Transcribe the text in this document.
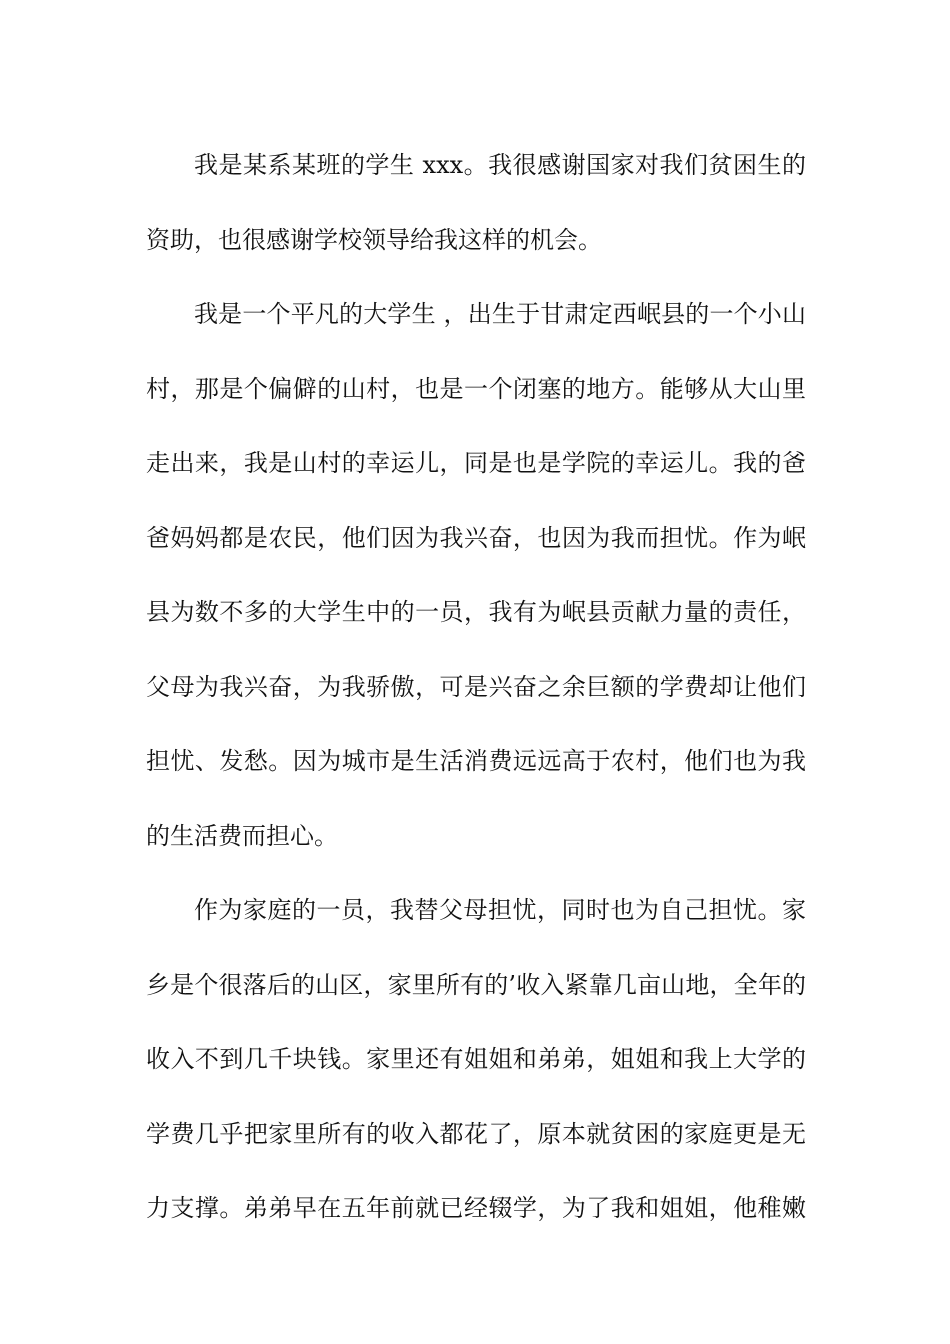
我是某系某班的学生 xxx。我很感谢国家对我们贫困生的
资助，也很感谢学校领导给我这样的机会。
我是一个平凡的大学生 ，出生于甘肃定西岷县的一个小山
村，那是个偏僻的山村，也是一个闭塞的地方。能够从大山里
走出来，我是山村的幸运儿，同是也是学院的幸运儿。我的爸
爸妈妈都是农民，他们因为我兴奋，也因为我而担忧。作为岷
县为数不多的大学生中的一员，我有为岷县贡献力量的责任，
父母为我兴奋，为我骄傲，可是兴奋之余巨额的学费却让他们
担忧、发愁。因为城市是生活消费远远高于农村，他们也为我
的生活费而担心。
作为家庭的一员，我替父母担忧，同时也为自己担忧。家
乡是个很落后的山区，家里所有的’收入紧靠几亩山地，全年的
收入不到几千块钱。家里还有姐姐和弟弟，姐姐和我上大学的
学费几乎把家里所有的收入都花了，原本就贫困的家庭更是无
力支撑。弟弟早在五年前就已经辍学，为了我和姐姐，他稚嫩
